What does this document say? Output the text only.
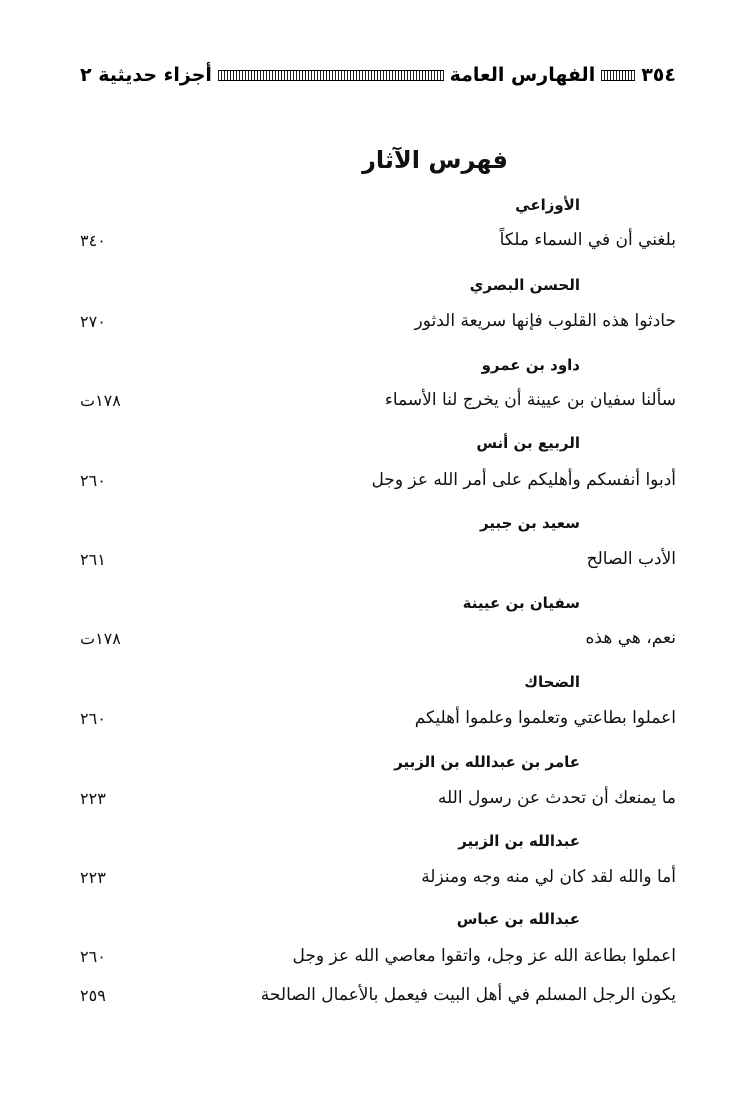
٣٥٤
الفهارس العامة
أجزاء حديثية ٢
فهرس الآثار
الأوزاعي
بلغني أن في السماء ملكاً
٣٤٠
الحسن البصري
حادثوا هذه القلوب فإنها سريعة الدثور
٢٧٠
داود بن عمرو
سألنا سفيان بن عيينة أن يخرج لنا الأسماء
١٧٨ت
الربيع بن أنس
أدبوا أنفسكم وأهليكم على أمر الله عز وجل
٢٦٠
سعيد بن جبير
الأدب الصالح
٢٦١
سفيان بن عيينة
نعم، هي هذه
١٧٨ت
الضحاك
اعملوا بطاعتي وتعلموا وعلموا أهليكم
٢٦٠
عامر بن عبدالله بن الزبير
ما يمنعك أن تحدث عن رسول الله
٢٢٣
عبدالله بن الزبير
أما والله لقد كان لي منه وجه ومنزلة
٢٢٣
عبدالله بن عباس
اعملوا بطاعة الله عز وجل، واتقوا معاصي الله عز وجل
٢٦٠
يكون الرجل المسلم في أهل البيت فيعمل بالأعمال الصالحة
٢٥٩
